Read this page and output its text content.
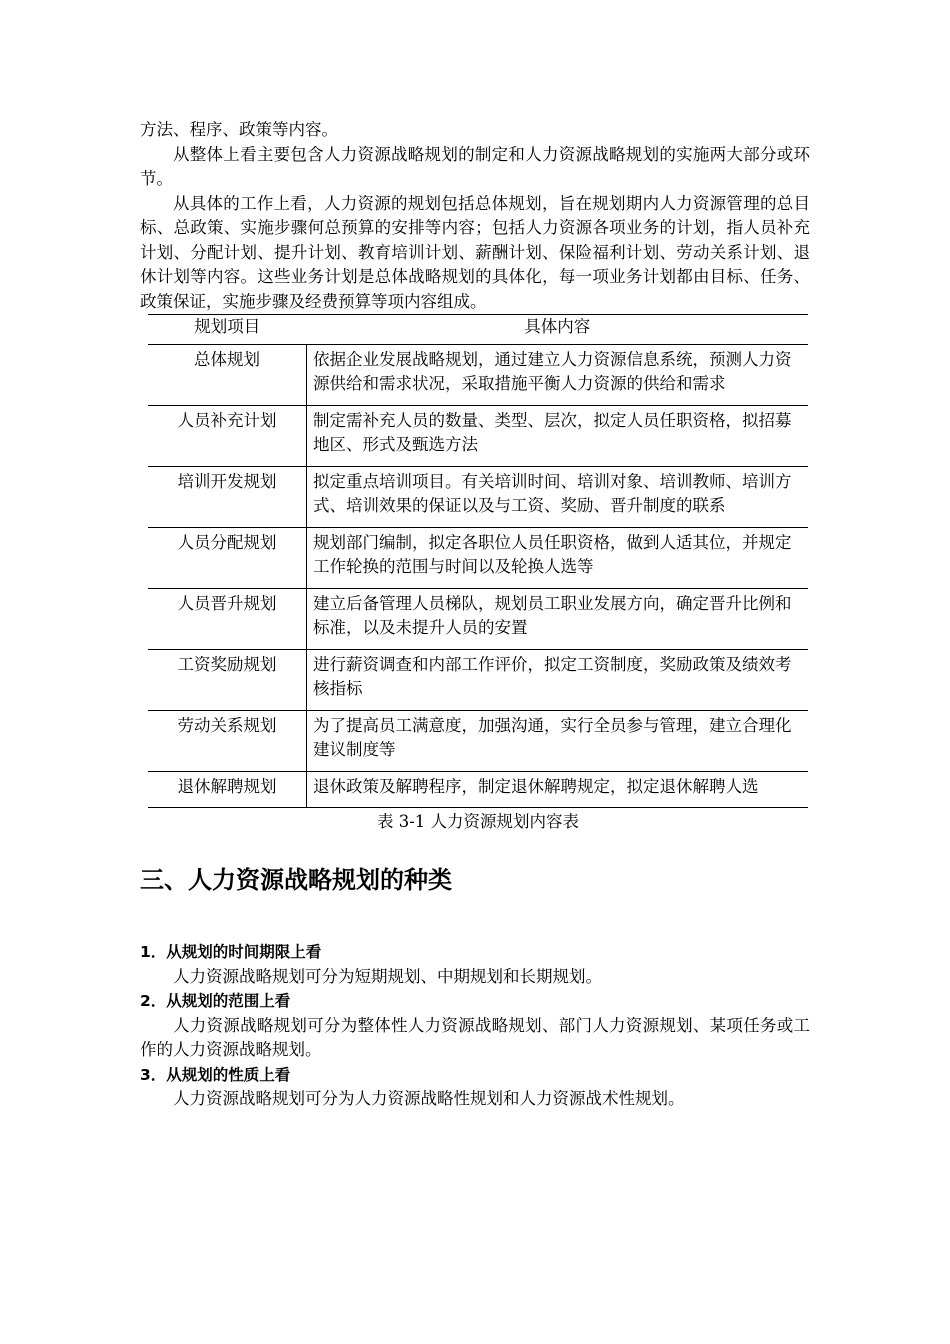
方法、程序、政策等内容。

从整体上看主要包含人力资源战略规划的制定和人力资源战略规划的实施两大部分或环节。

从具体的工作上看，人力资源的规划包括总体规划，旨在规划期内人力资源管理的总目标、总政策、实施步骤何总预算的安排等内容；包括人力资源各项业务的计划，指人员补充计划、分配计划、提升计划、教育培训计划、薪酬计划、保险福利计划、劳动关系计划、退休计划等内容。这些业务计划是总体战略规划的具体化，每一项业务计划都由目标、任务、政策保证，实施步骤及经费预算等项内容组成。

规划项目	具体内容
总体规划	依据企业发展战略规划，通过建立人力资源信息系统，预测人力资源供给和需求状况，采取措施平衡人力资源的供给和需求
人员补充计划	制定需补充人员的数量、类型、层次，拟定人员任职资格，拟招募地区、形式及甄选方法
培训开发规划	拟定重点培训项目。有关培训时间、培训对象、培训教师、培训方式、培训效果的保证以及与工资、奖励、晋升制度的联系
人员分配规划	规划部门编制，拟定各职位人员任职资格，做到人适其位，并规定工作轮换的范围与时间以及轮换人选等
人员晋升规划	建立后备管理人员梯队，规划员工职业发展方向，确定晋升比例和标准，以及未提升人员的安置
工资奖励规划	进行薪资调查和内部工作评价，拟定工资制度，奖励政策及绩效考核指标
劳动关系规划	为了提高员工满意度，加强沟通，实行全员参与管理，建立合理化建议制度等
退休解聘规划	退休政策及解聘程序，制定退休解聘规定，拟定退休解聘人选
表 3-1 人力资源规划内容表
三、人力资源战略规划的种类

1．从规划的时间期限上看

人力资源战略规划可分为短期规划、中期规划和长期规划。

2．从规划的范围上看

人力资源战略规划可分为整体性人力资源战略规划、部门人力资源规划、某项任务或工作的人力资源战略规划。

3．从规划的性质上看

人力资源战略规划可分为人力资源战略性规划和人力资源战术性规划。
